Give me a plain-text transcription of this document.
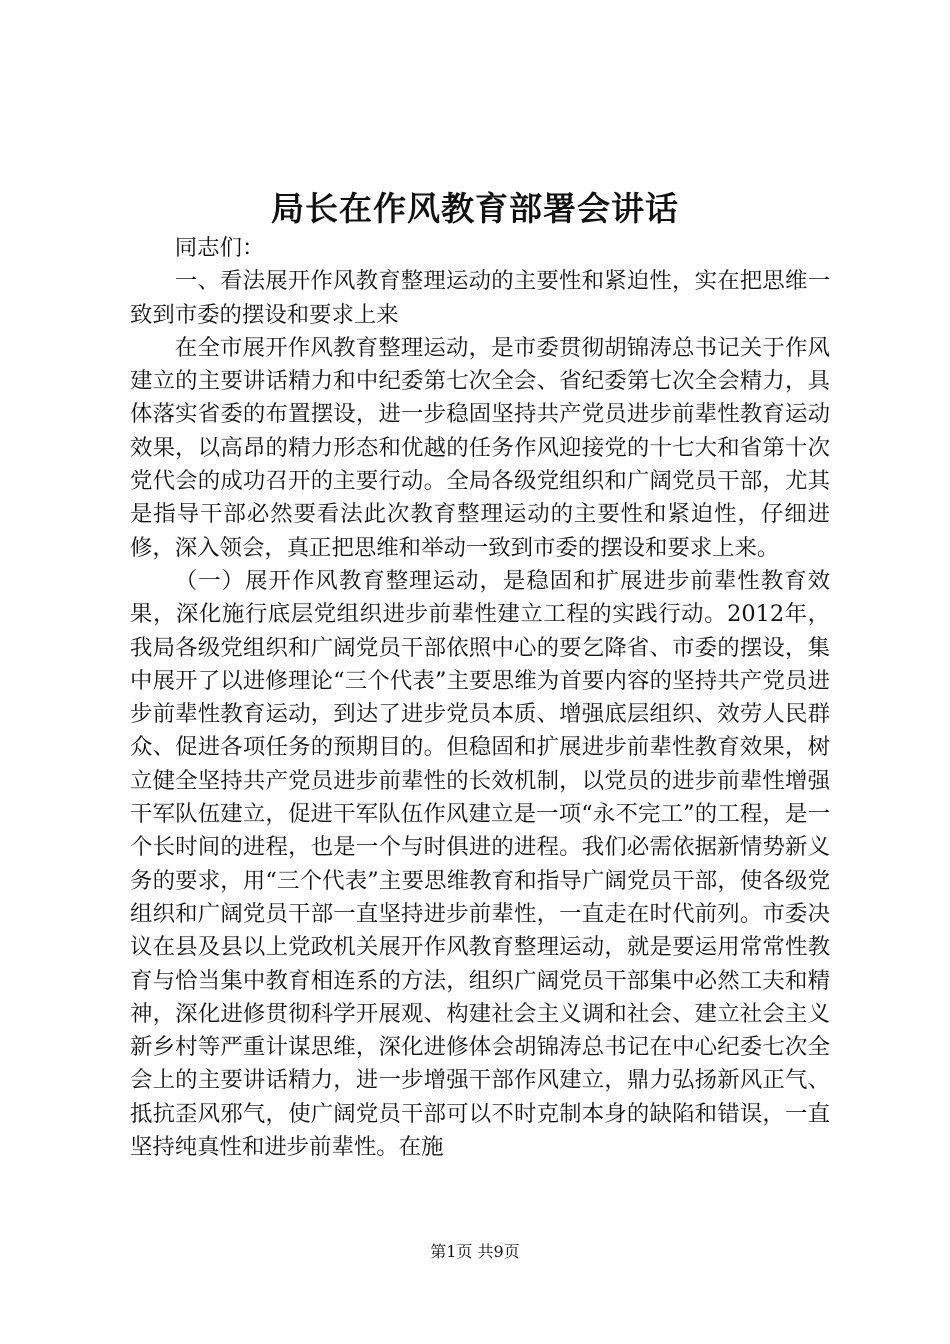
局长在作风教育部署会讲话

同志们：

一、看法展开作风教育整理运动的主要性和紧迫性，实在把思维一致到市委的摆设和要求上来

在全市展开作风教育整理运动，是市委贯彻胡锦涛总书记关于作风建立的主要讲话精力和中纪委第七次全会、省纪委第七次全会精力，具体落实省委的布置摆设，进一步稳固坚持共产党员进步前辈性教育运动效果，以高昂的精力形态和优越的任务作风迎接党的十七大和省第十次党代会的成功召开的主要行动。全局各级党组织和广阔党员干部，尤其是指导干部必然要看法此次教育整理运动的主要性和紧迫性，仔细进修，深入领会，真正把思维和举动一致到市委的摆设和要求上来。

（一）展开作风教育整理运动，是稳固和扩展进步前辈性教育效果，深化施行底层党组织进步前辈性建立工程的实践行动。2012年，我局各级党组织和广阔党员干部依照中心的要乞降省、市委的摆设，集中展开了以进修理论“三个代表”主要思维为首要内容的坚持共产党员进步前辈性教育运动，到达了进步党员本质、增强底层组织、效劳人民群众、促进各项任务的预期目的。但稳固和扩展进步前辈性教育效果，树立健全坚持共产党员进步前辈性的长效机制，以党员的进步前辈性增强干军队伍建立，促进干军队伍作风建立是一项“永不完工”的工程，是一个长时间的进程，也是一个与时俱进的进程。我们必需依据新情势新义务的要求，用“三个代表”主要思维教育和指导广阔党员干部，使各级党组织和广阔党员干部一直坚持进步前辈性，一直走在时代前列。市委决议在县及县以上党政机关展开作风教育整理运动，就是要运用常常性教育与恰当集中教育相连系的方法，组织广阔党员干部集中必然工夫和精神，深化进修贯彻科学开展观、构建社会主义调和社会、建立社会主义新乡村等严重计谋思维，深化进修体会胡锦涛总书记在中心纪委七次全会上的主要讲话精力，进一步增强干部作风建立，鼎力弘扬新风正气、抵抗歪风邪气，使广阔党员干部可以不时克制本身的缺陷和错误，一直坚持纯真性和进步前辈性。在施

第1页 共9页
